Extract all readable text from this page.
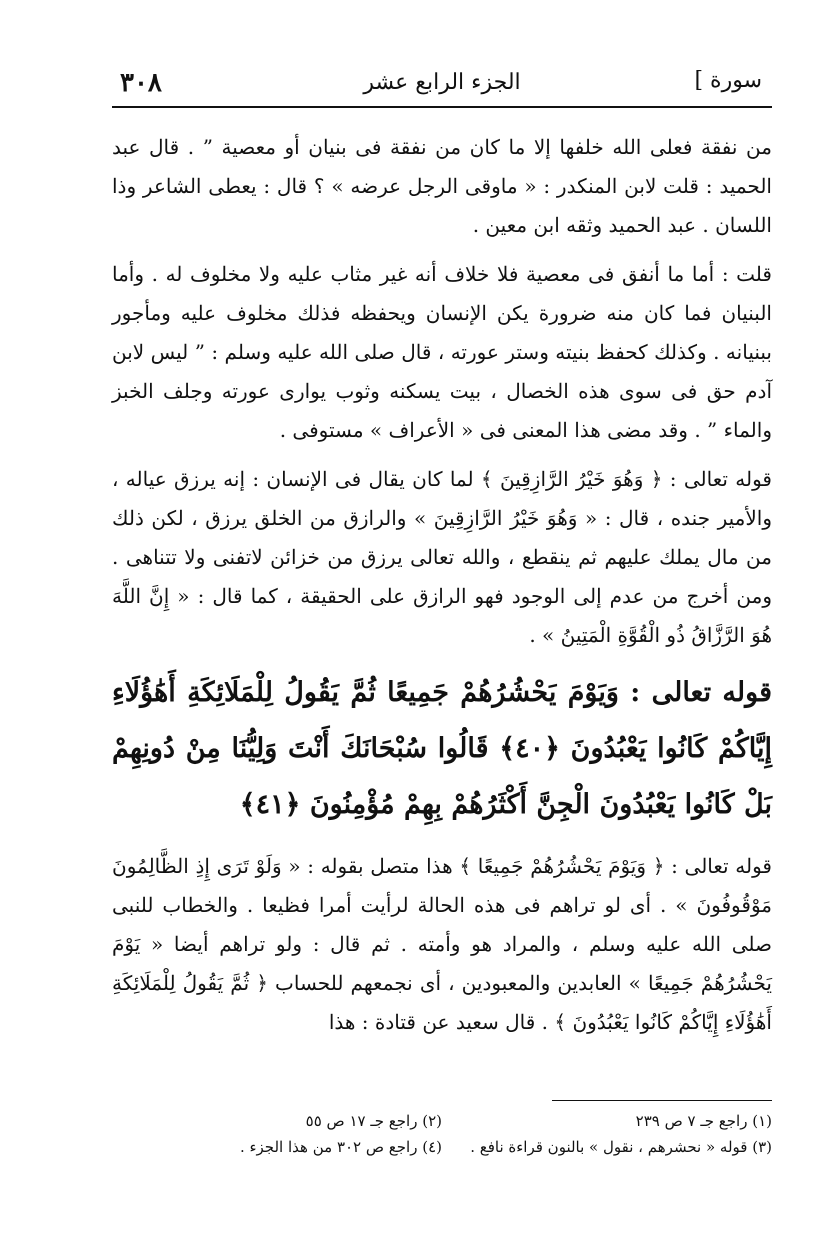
٣٠٨	الجزء الرابع عشر	[ سورة

من نفقة فعلى الله خلفها إلا ما كان من نفقة فى بنيان أو معصية ” . قال عبد الحميد : قلت لابن المنكدر : « ماوقى الرجل عرضه » ؟ قال : يعطى الشاعر وذا اللسان . عبد الحميد وثقه ابن معين .

قلت : أما ما أنفق فى معصية فلا خلاف أنه غير مثاب عليه ولا مخلوف له . وأما البنيان فما كان منه ضرورة يكن الإنسان ويحفظه فذلك مخلوف عليه ومأجور ببنيانه . وكذلك كحفظ بنيته وستر عورته ، قال صلى الله عليه وسلم : ” ليس لابن آدم حق فى سوى هذه الخصال ، بيت يسكنه وثوب يوارى عورته وجلف الخبز والماء ” . وقد مضى هذا المعنى فى « الأعراف » مستوفى .

قوله تعالى : ﴿ وَهُوَ خَيْرُ الرَّازِقِينَ ﴾ لما كان يقال فى الإنسان : إنه يرزق عياله ، والأمير جنده ، قال : « وَهُوَ خَيْرُ الرَّازِقِينَ » والرازق من الخلق يرزق ، لكن ذلك من مال يملك عليهم ثم ينقطع ، والله تعالى يرزق من خزائن لاتفنى ولا تتناهى . ومن أخرج من عدم إلى الوجود فهو الرازق على الحقيقة ، كما قال : « إِنَّ اللَّهَ هُوَ الرَّزَّاقُ ذُو الْقُوَّةِ الْمَتِينُ » .

قوله تعالى : وَيَوْمَ يَحْشُرُهُمْ جَمِيعًا ثُمَّ يَقُولُ لِلْمَلَائِكَةِ أَهَٰؤُلَاءِ إِيَّاكُمْ كَانُوا يَعْبُدُونَ ﴿٤٠﴾ قَالُوا سُبْحَانَكَ أَنْتَ وَلِيُّنَا مِنْ دُونِهِمْ بَلْ كَانُوا يَعْبُدُونَ الْجِنَّ أَكْثَرُهُمْ بِهِمْ مُؤْمِنُونَ ﴿٤١﴾

قوله تعالى : ﴿ وَيَوْمَ يَحْشُرُهُمْ جَمِيعًا ﴾ هذا متصل بقوله : « وَلَوْ تَرَى إِذِ الظَّالِمُونَ مَوْقُوفُونَ » . أى لو تراهم فى هذه الحالة لرأيت أمرا فظيعا . والخطاب للنبى صلى الله عليه وسلم ، والمراد هو وأمته . ثم قال : ولو تراهم أيضا « يَوْمَ يَحْشُرُهُمْ جَمِيعًا » العابدين والمعبودين ، أى نجمعهم للحساب ﴿ ثُمَّ يَقُولُ لِلْمَلَائِكَةِ أَهَٰؤُلَاءِ إِيَّاكُمْ كَانُوا يَعْبُدُونَ ﴾ . قال سعيد عن قتادة : هذا

(١) راجع جـ ٧ ص ٢٣٩
(٢) راجع جـ ١٧ ص ٥٥
(٣) قوله « نحشرهم ، نقول » بالنون قراءة نافع .
(٤) راجع ص ٣٠٢ من هذا الجزء .
